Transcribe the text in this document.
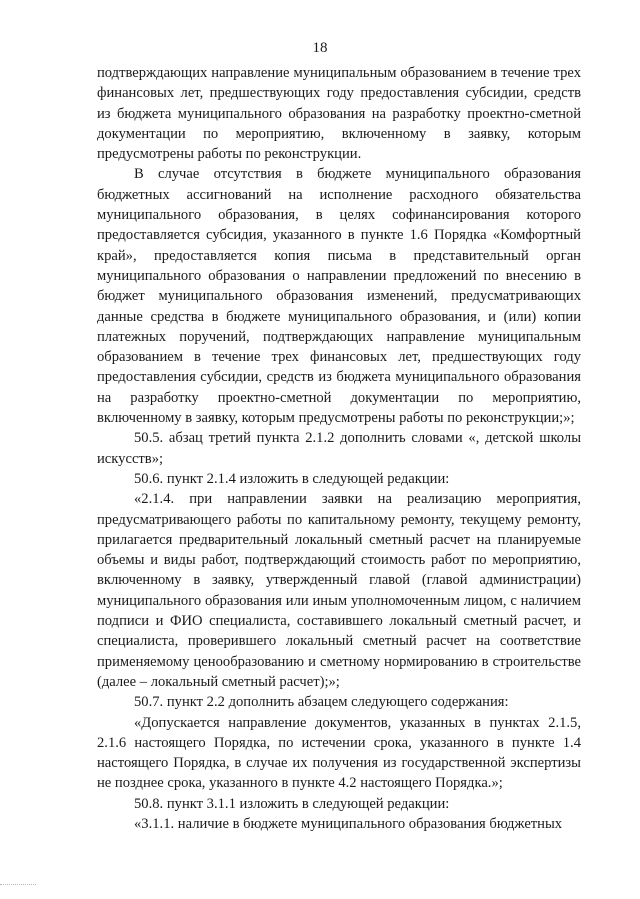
18

подтверждающих направление муниципальным образованием в течение трех финансовых лет, предшествующих году предоставления субсидии, средств из бюджета муниципального образования на разработку проектно-сметной документации по мероприятию, включенному в заявку, которым предусмотрены работы по реконструкции.

В случае отсутствия в бюджете муниципального образования бюджетных ассигнований на исполнение расходного обязательства муниципального образования, в целях софинансирования которого предоставляется субсидия, указанного в пункте 1.6 Порядка «Комфортный край», предоставляется копия письма в представительный орган муниципального образования о направлении предложений по внесению в бюджет муниципального образования изменений, предусматривающих данные средства в бюджете муниципального образования, и (или) копии платежных поручений, подтверждающих направление муниципальным образованием в течение трех финансовых лет, предшествующих году предоставления субсидии, средств из бюджета муниципального образования на разработку проектно-сметной документации по мероприятию, включенному в заявку, которым предусмотрены работы по реконструкции;»;

50.5. абзац третий пункта 2.1.2 дополнить словами «, детской школы искусств»;

50.6. пункт 2.1.4 изложить в следующей редакции:

«2.1.4. при направлении заявки на реализацию мероприятия, предусматривающего работы по капитальному ремонту, текущему ремонту, прилагается предварительный локальный сметный расчет на планируемые объемы и виды работ, подтверждающий стоимость работ по мероприятию, включенному в заявку, утвержденный главой (главой администрации) муниципального образования или иным уполномоченным лицом, с наличием подписи и ФИО специалиста, составившего локальный сметный расчет, и специалиста, проверившего локальный сметный расчет на соответствие применяемому ценообразованию и сметному нормированию в строительстве (далее – локальный сметный расчет);»;

50.7. пункт 2.2 дополнить абзацем следующего содержания:

«Допускается направление документов, указанных в пунктах 2.1.5, 2.1.6 настоящего Порядка, по истечении срока, указанного в пункте 1.4 настоящего Порядка, в случае их получения из государственной экспертизы не позднее срока, указанного в пункте 4.2 настоящего Порядка.»;

50.8. пункт 3.1.1 изложить в следующей редакции:

«3.1.1. наличие в бюджете муниципального образования бюджетных
